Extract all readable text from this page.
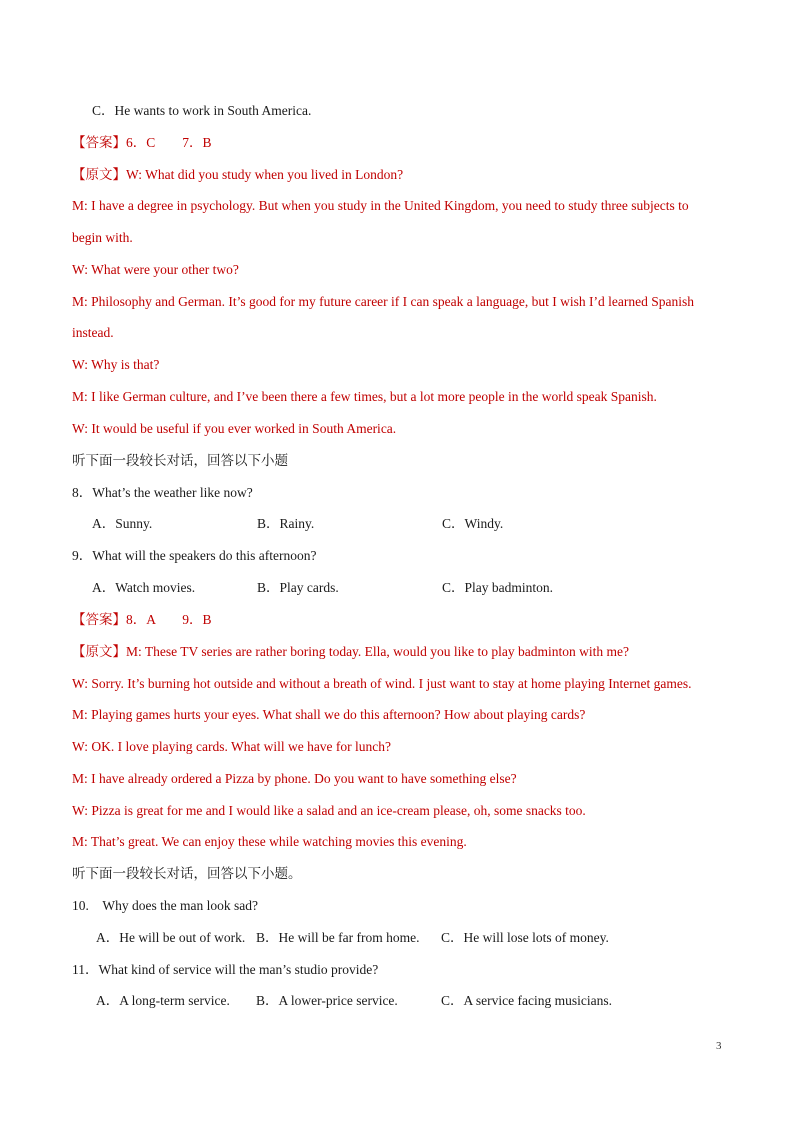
C．He wants to work in South America.
【答案】6．C　　7．B
【原文】W: What did you study when you lived in London?
M: I have a degree in psychology. But when you study in the United Kingdom, you need to study three subjects to
begin with.
W: What were your other two?
M: Philosophy and German. It’s good for my future career if I can speak a language, but I wish I’d learned Spanish
instead.
W: Why is that?
M: I like German culture, and I’ve been there a few times, but a lot more people in the world speak Spanish.
W: It would be useful if you ever worked in South America.
听下面一段较长对话，回答以下小题
8．What’s the weather like now?
A．Sunny.	B．Rainy.	C．Windy.
9．What will the speakers do this afternoon?
A．Watch movies.	B．Play cards.	C．Play badminton.
【答案】8．A　　9．B
【原文】M: These TV series are rather boring today. Ella, would you like to play badminton with me?
W: Sorry. It’s burning hot outside and without a breath of wind. I just want to stay at home playing Internet games.
M: Playing games hurts your eyes. What shall we do this afternoon? How about playing cards?
W: OK. I love playing cards. What will we have for lunch?
M: I have already ordered a Pizza by phone. Do you want to have something else?
W: Pizza is great for me and I would like a salad and an ice-cream please, oh, some snacks too.
M: That’s great. We can enjoy these while watching movies this evening.
听下面一段较长对话，回答以下小题。
10.　Why does the man look sad?
A．He will be out of work. B．He will be far from home. C．He will lose lots of money.
11．What kind of service will the man’s studio provide?
A．A long-term service. B．A lower-price service.	C．A service facing musicians.
3
